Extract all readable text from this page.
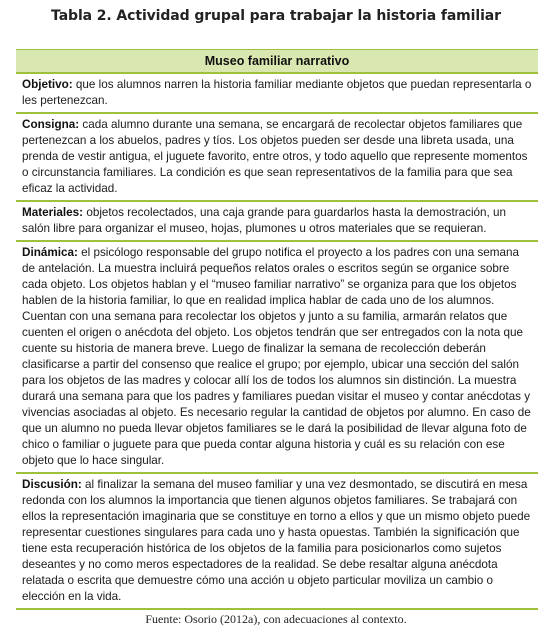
Tabla 2. Actividad grupal para trabajar la historia familiar
Museo familiar narrativo
Objetivo: que los alumnos narren la historia familiar mediante objetos que puedan representarla o les pertenezcan.
Consigna: cada alumno durante una semana, se encargará de recolectar objetos familiares que pertenezcan a los abuelos, padres y tíos. Los objetos pueden ser desde una libreta usada, una prenda de vestir antigua, el juguete favorito, entre otros, y todo aquello que represente momentos o circunstancia familiares. La condición es que sean representativos de la familia para que sea eficaz la actividad.
Materiales: objetos recolectados, una caja grande para guardarlos hasta la demostración, un salón libre para organizar el museo, hojas, plumones u otros materiales que se requieran.
Dinámica: el psicólogo responsable del grupo notifica el proyecto a los padres con una semana de antelación. La muestra incluirá pequeños relatos orales o escritos según se organice sobre cada objeto. Los objetos hablan y el “museo familiar narrativo” se organiza para que los objetos hablen de la historia familiar, lo que en realidad implica hablar de cada uno de los alumnos. Cuentan con una semana para recolectar los objetos y junto a su familia, armarán relatos que cuenten el origen o anécdota del objeto. Los objetos tendrán que ser entregados con la nota que cuente su historia de manera breve. Luego de finalizar la semana de recolección deberán clasificarse a partir del consenso que realice el grupo; por ejemplo, ubicar una sección del salón para los objetos de las madres y colocar allí los de todos los alumnos sin distinción. La muestra durará una semana para que los padres y familiares puedan visitar el museo y contar anécdotas y vivencias asociadas al objeto. Es necesario regular la cantidad de objetos por alumno. En caso de que un alumno no pueda llevar objetos familiares se le dará la posibilidad de llevar alguna foto de chico o familiar o juguete para que pueda contar alguna historia y cuál es su relación con ese objeto que lo hace singular.
Discusión: al finalizar la semana del museo familiar y una vez desmontado, se discutirá en mesa redonda con los alumnos la importancia que tienen algunos objetos familiares. Se trabajará con ellos la representación imaginaria que se constituye en torno a ellos y que un mismo objeto puede representar cuestiones singulares para cada uno y hasta opuestas. También la significación que tiene esta recuperación histórica de los objetos de la familia para posicionarlos como sujetos deseantes y no como meros espectadores de la realidad. Se debe resaltar alguna anécdota relatada o escrita que demuestre cómo una acción u objeto particular moviliza un cambio o elección en la vida.
Fuente: Osorio (2012a), con adecuaciones al contexto.
